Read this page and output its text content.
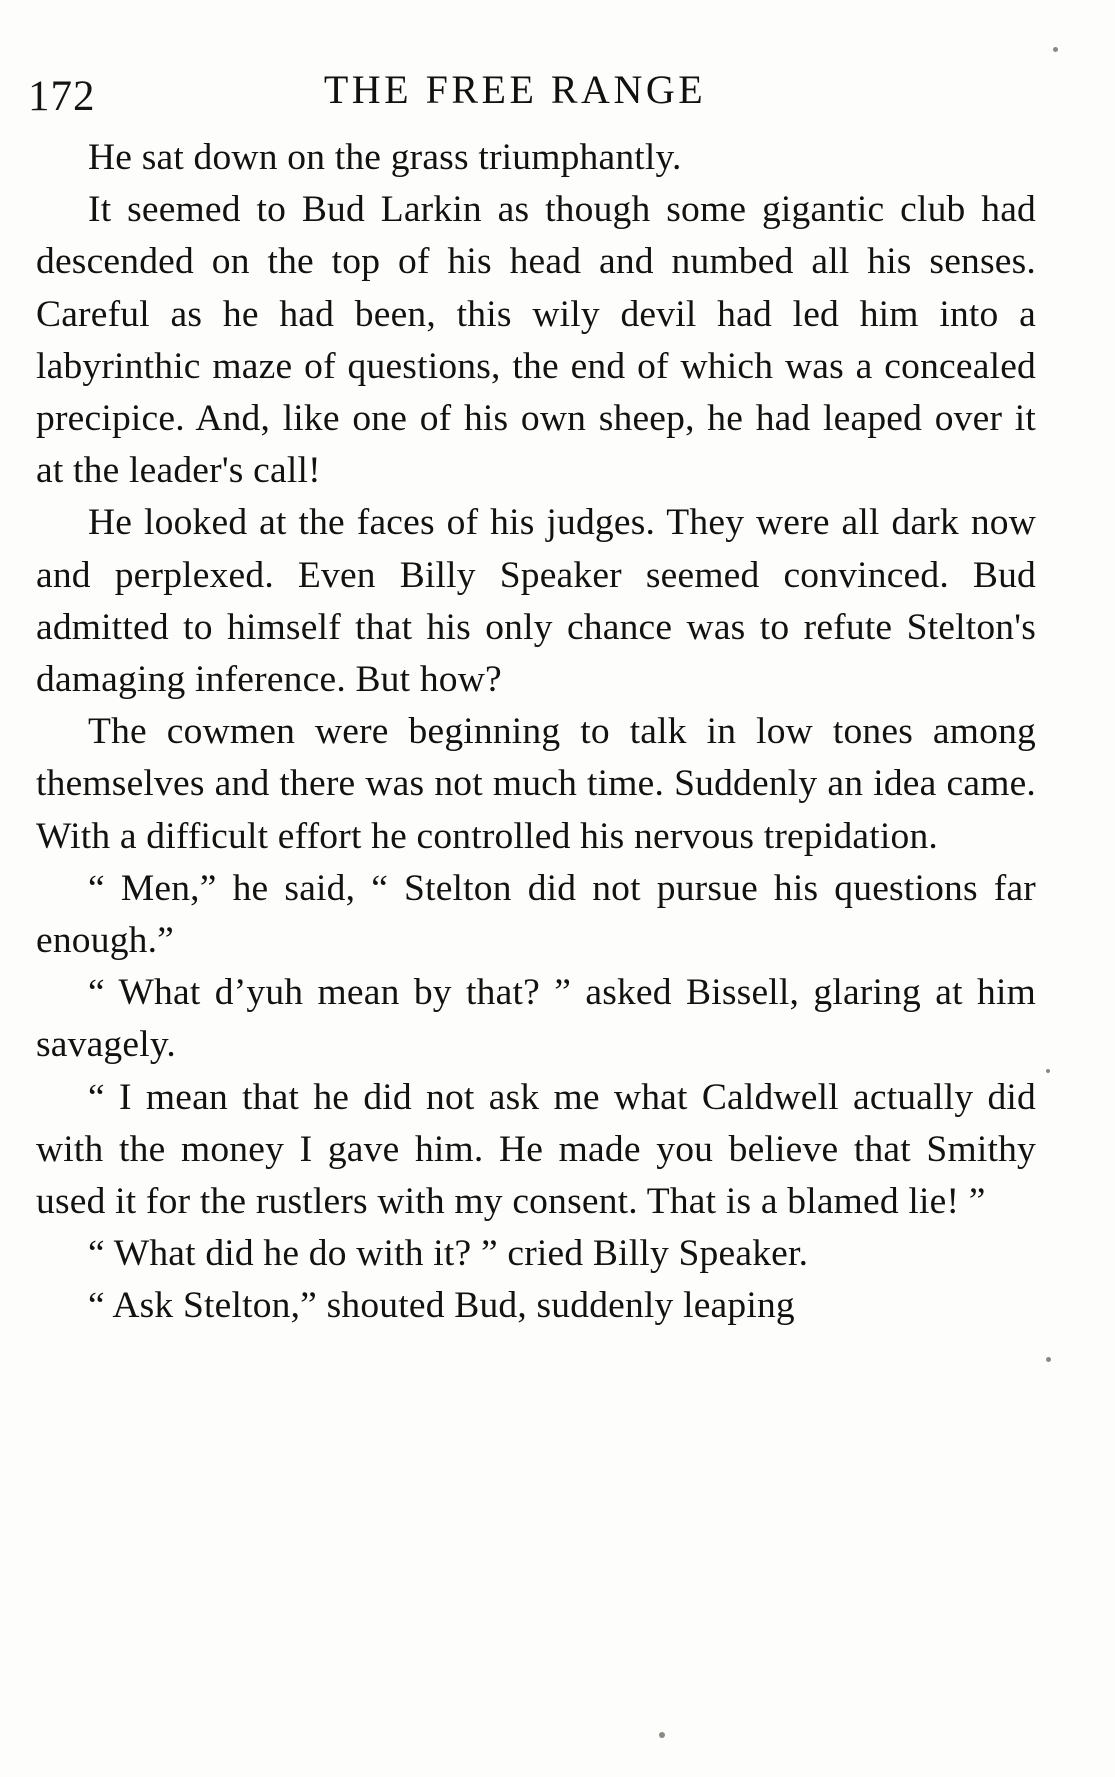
172	THE FREE RANGE

He sat down on the grass triumphantly.

It seemed to Bud Larkin as though some gigantic club had descended on the top of his head and numbed all his senses. Careful as he had been, this wily devil had led him into a labyrinthic maze of questions, the end of which was a concealed precipice. And, like one of his own sheep, he had leaped over it at the leader's call!

He looked at the faces of his judges. They were all dark now and perplexed. Even Billy Speaker seemed convinced. Bud admitted to himself that his only chance was to refute Stelton's damaging inference. But how?

The cowmen were beginning to talk in low tones among themselves and there was not much time. Suddenly an idea came. With a difficult effort he controlled his nervous trepidation.

“ Men,” he said, “ Stelton did not pursue his questions far enough.”

“ What d’yuh mean by that? ” asked Bissell, glaring at him savagely.

“ I mean that he did not ask me what Caldwell actually did with the money I gave him. He made you believe that Smithy used it for the rustlers with my consent. That is a blamed lie! ”

“ What did he do with it? ” cried Billy Speaker.

“ Ask Stelton,” shouted Bud, suddenly leaping
